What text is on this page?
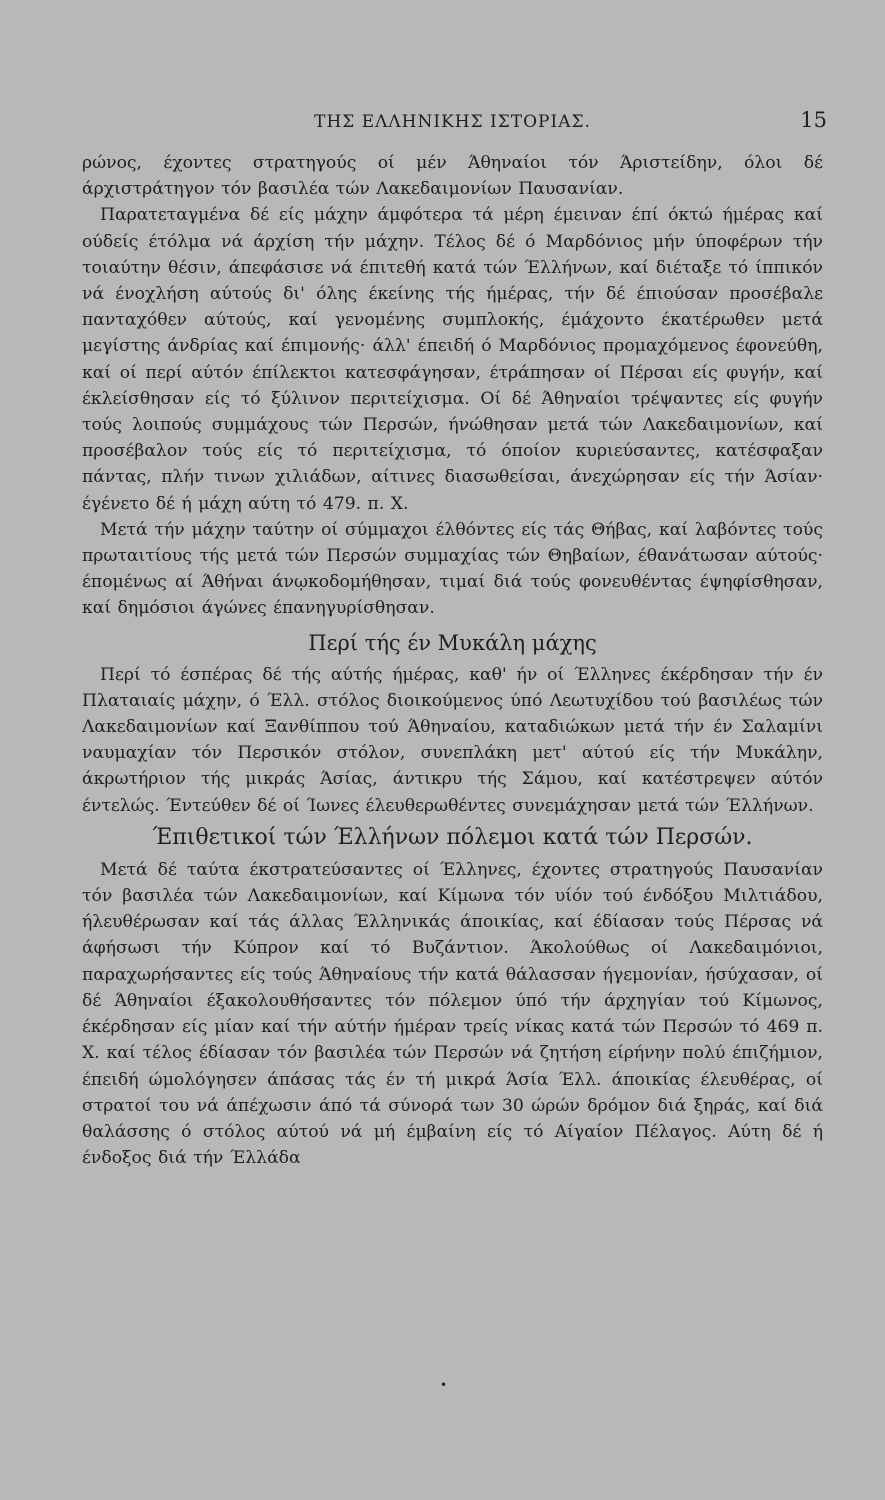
ΤΗΣ ΕΛΛΗΝΙΚΗΣ ΙΣΤΟΡΙΑΣ.	15

ρώνος, έχοντες στρατηγούς οί μέν Άθηναίοι τόν Άριστείδην, όλοι δέ άρχιστράτηγον τόν βασιλέα τών Λακεδαιμονίων Παυσανίαν.

Παρατεταγμένα δέ είς μάχην άμφότερα τά μέρη έμειναν έπί όκτώ ήμέρας καί ούδείς έτόλμα νά άρχίση τήν μάχην. Τέλος δέ ό Μαρδόνιος μήν ύποφέρων τήν τοιαύτην θέσιν, άπεφάσισε νά έπιτεθή κατά τών Έλλήνων, καί διέταξε τό ίππικόν νά ένοχλήση αύτούς δι' όλης έκείνης τής ήμέρας, τήν δέ έπιούσαν προσέβαλε πανταχόθεν αύτούς, καί γενομένης συμπλοκής, έμάχοντο έκατέρωθεν μετά μεγίστης άνδρίας καί έπιμονής· άλλ' έπειδή ό Μαρδόνιος προμαχόμενος έφονεύθη, καί οί περί αύτόν έπίλεκτοι κατεσφάγησαν, έτράπησαν οί Πέρσαι είς φυγήν, καί έκλείσθησαν είς τό ξύλινον περιτείχισμα. Οί δέ Άθηναίοι τρέψαντες είς φυγήν τούς λοιπούς συμμάχους τών Περσών, ήνώθησαν μετά τών Λακεδαιμονίων, καί προσέβαλον τούς είς τό περιτείχισμα, τό όποίον κυριεύσαντες, κατέσφαξαν πάντας, πλήν τινων χιλιάδων, αίτινες διασωθείσαι, άνεχώρησαν είς τήν Άσίαν· έγένετο δέ ή μάχη αύτη τό 479. π. Χ.

Μετά τήν μάχην ταύτην οί σύμμαχοι έλθόντες είς τάς Θήβας, καί λαβόντες τούς πρωταιτίους τής μετά τών Περσών συμμαχίας τών Θηβαίων, έθανάτωσαν αύτούς· έπομένως αί Άθήναι άνῳκοδομήθησαν, τιμαί διά τούς φονευθέντας έψηφίσθησαν, καί δημόσιοι άγώνες έπανηγυρίσθησαν.

Περί τής έν Μυκάλη μάχης

Περί τό έσπέρας δέ τής αύτής ήμέρας, καθ' ήν οί Έλληνες έκέρδησαν τήν έν Πλαταιαίς μάχην, ό Έλλ. στόλος διοικούμενος ύπό Λεωτυχίδου τού βασιλέως τών Λακεδαιμονίων καί Ξανθίππου τού Άθηναίου, καταδιώκων μετά τήν έν Σαλαμίνι ναυμαχίαν τόν Περσικόν στόλον, συνεπλάκη μετ' αύτού είς τήν Μυκάλην, άκρωτήριον τής μικράς Άσίας, άντικρυ τής Σάμου, καί κατέστρεψεν αύτόν έντελώς. Έντεύθεν δέ οί Ίωνες έλευθερωθέντες συνεμάχησαν μετά τών Έλλήνων.

Έπιθετικοί τών Έλλήνων πόλεμοι κατά τών Περσών.

Μετά δέ ταύτα έκστρατεύσαντες οί Έλληνες, έχοντες στρατηγούς Παυσανίαν τόν βασιλέα τών Λακεδαιμονίων, καί Κίμωνα τόν υίόν τού ένδόξου Μιλτιάδου, ήλευθέρωσαν καί τάς άλλας Έλληνικάς άποικίας, καί έδίασαν τούς Πέρσας νά άφήσωσι τήν Κύπρον καί τό Βυζάντιον. Άκολούθως οί Λακεδαιμόνιοι, παραχωρήσαντες είς τούς Άθηναίους τήν κατά θάλασσαν ήγεμονίαν, ήσύχασαν, οί δέ Άθηναίοι έξακολουθήσαντες τόν πόλεμον ύπό τήν άρχηγίαν τού Κίμωνος, έκέρδησαν είς μίαν καί τήν αύτήν ήμέραν τρείς νίκας κατά τών Περσών τό 469 π. Χ. καί τέλος έδίασαν τόν βασιλέα τών Περσών νά ζητήση είρήνην πολύ έπιζήμιον, έπειδή ώμολόγησεν άπάσας τάς έν τή μικρά Άσία Έλλ. άποικίας έλευθέρας, οί στρατοί του νά άπέχωσιν άπό τά σύνορά των 30 ώρών δρόμον διά ξηράς, καί διά θαλάσσης ό στόλος αύτού νά μή έμβαίνη είς τό Αίγαίον Πέλαγος. Αύτη δέ ή ένδοξος διά τήν Έλλάδα

•
